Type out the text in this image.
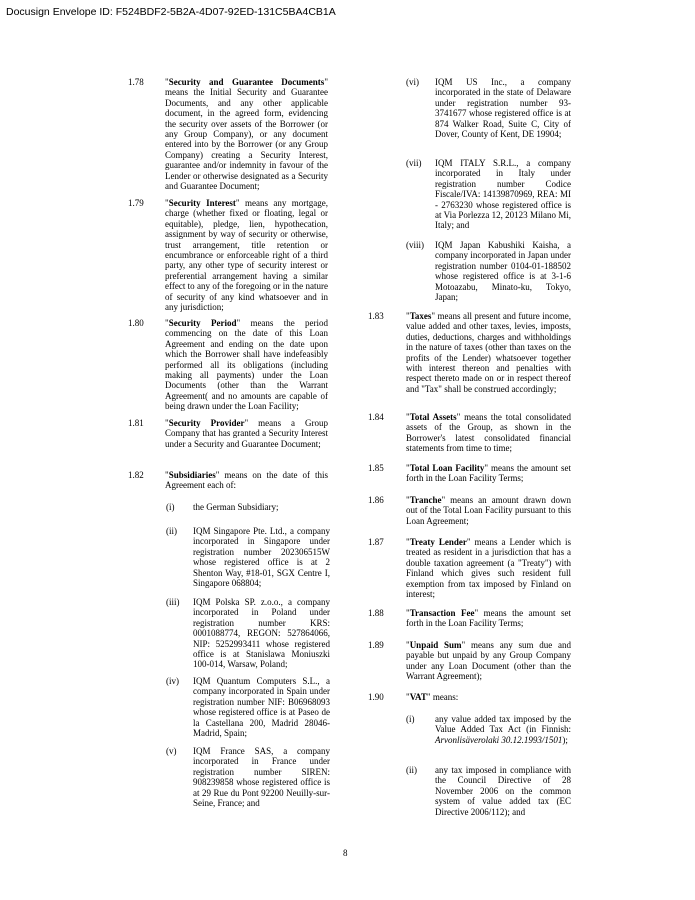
Docusign Envelope ID: F524BDF2-5B2A-4D07-92ED-131C5BA4CB1A
1.78	"Security and Guarantee Documents" means the Initial Security and Guarantee Documents, and any other applicable document, in the agreed form, evidencing the security over assets of the Borrower (or any Group Company), or any document entered into by the Borrower (or any Group Company) creating a Security Interest, guarantee and/or indemnity in favour of the Lender or otherwise designated as a Security and Guarantee Document;
1.79	"Security Interest" means any mortgage, charge (whether fixed or floating, legal or equitable), pledge, lien, hypothecation, assignment by way of security or otherwise, trust arrangement, title retention or encumbrance or enforceable right of a third party, any other type of security interest or preferential arrangement having a similar effect to any of the foregoing or in the nature of security of any kind whatsoever and in any jurisdiction;
1.80	"Security Period" means the period commencing on the date of this Loan Agreement and ending on the date upon which the Borrower shall have indefeasibly performed all its obligations (including making all payments) under the Loan Documents (other than the Warrant Agreement( and no amounts are capable of being drawn under the Loan Facility;
1.81	"Security Provider" means a Group Company that has granted a Security Interest under a Security and Guarantee Document;
1.82	"Subsidiaries" means on the date of this Agreement each of:
(i)	the German Subsidiary;
(ii)	IQM Singapore Pte. Ltd., a company incorporated in Singapore under registration number 202306515W whose registered office is at 2 Shenton Way, #18-01, SGX Centre I, Singapore 068804;
(iii)	IQM Polska SP. z.o.o., a company incorporated in Poland under registration number KRS: 0001088774, REGON: 527864066, NIP: 5252993411 whose registered office is at Stanislawa Moniuszki 100-014, Warsaw, Poland;
(iv)	IQM Quantum Computers S.L., a company incorporated in Spain under registration number NIF: B06968093 whose registered office is at Paseo de la Castellana 200, Madrid 28046-Madrid, Spain;
(v)	IQM France SAS, a company incorporated in France under registration number SIREN: 908239858 whose registered office is at 29 Rue du Pont 92200 Neuilly-sur-Seine, France; and
(vi)	IQM US Inc., a company incorporated in the state of Delaware under registration number 93-3741677 whose registered office is at 874 Walker Road, Suite C, City of Dover, County of Kent, DE 19904;
(vii)	IQM ITALY S.R.L., a company incorporated in Italy under registration number Codice Fiscale/IVA: 14139870969, REA: MI - 2763230 whose registered office is at Via Porlezza 12, 20123 Milano Mi, Italy; and
(viii)	IQM Japan Kabushiki Kaisha, a company incorporated in Japan under registration number 0104-01-188502 whose registered office is at 3-1-6 Motoazabu, Minato-ku, Tokyo, Japan;
1.83	"Taxes" means all present and future income, value added and other taxes, levies, imposts, duties, deductions, charges and withholdings in the nature of taxes (other than taxes on the profits of the Lender) whatsoever together with interest thereon and penalties with respect thereto made on or in respect thereof and "Tax" shall be construed accordingly;
1.84	"Total Assets" means the total consolidated assets of the Group, as shown in the Borrower's latest consolidated financial statements from time to time;
1.85	"Total Loan Facility" means the amount set forth in the Loan Facility Terms;
1.86	"Tranche" means an amount drawn down out of the Total Loan Facility pursuant to this Loan Agreement;
1.87	"Treaty Lender" means a Lender which is treated as resident in a jurisdiction that has a double taxation agreement (a "Treaty") with Finland which gives such resident full exemption from tax imposed by Finland on interest;
1.88	"Transaction Fee" means the amount set forth in the Loan Facility Terms;
1.89	"Unpaid Sum" means any sum due and payable but unpaid by any Group Company under any Loan Document (other than the Warrant Agreement);
1.90	"VAT" means:
(i)	any value added tax imposed by the Value Added Tax Act (in Finnish: Arvonlisäverolaki 30.12.1993/1501);
(ii)	any tax imposed in compliance with the Council Directive of 28 November 2006 on the common system of value added tax (EC Directive 2006/112); and
8
